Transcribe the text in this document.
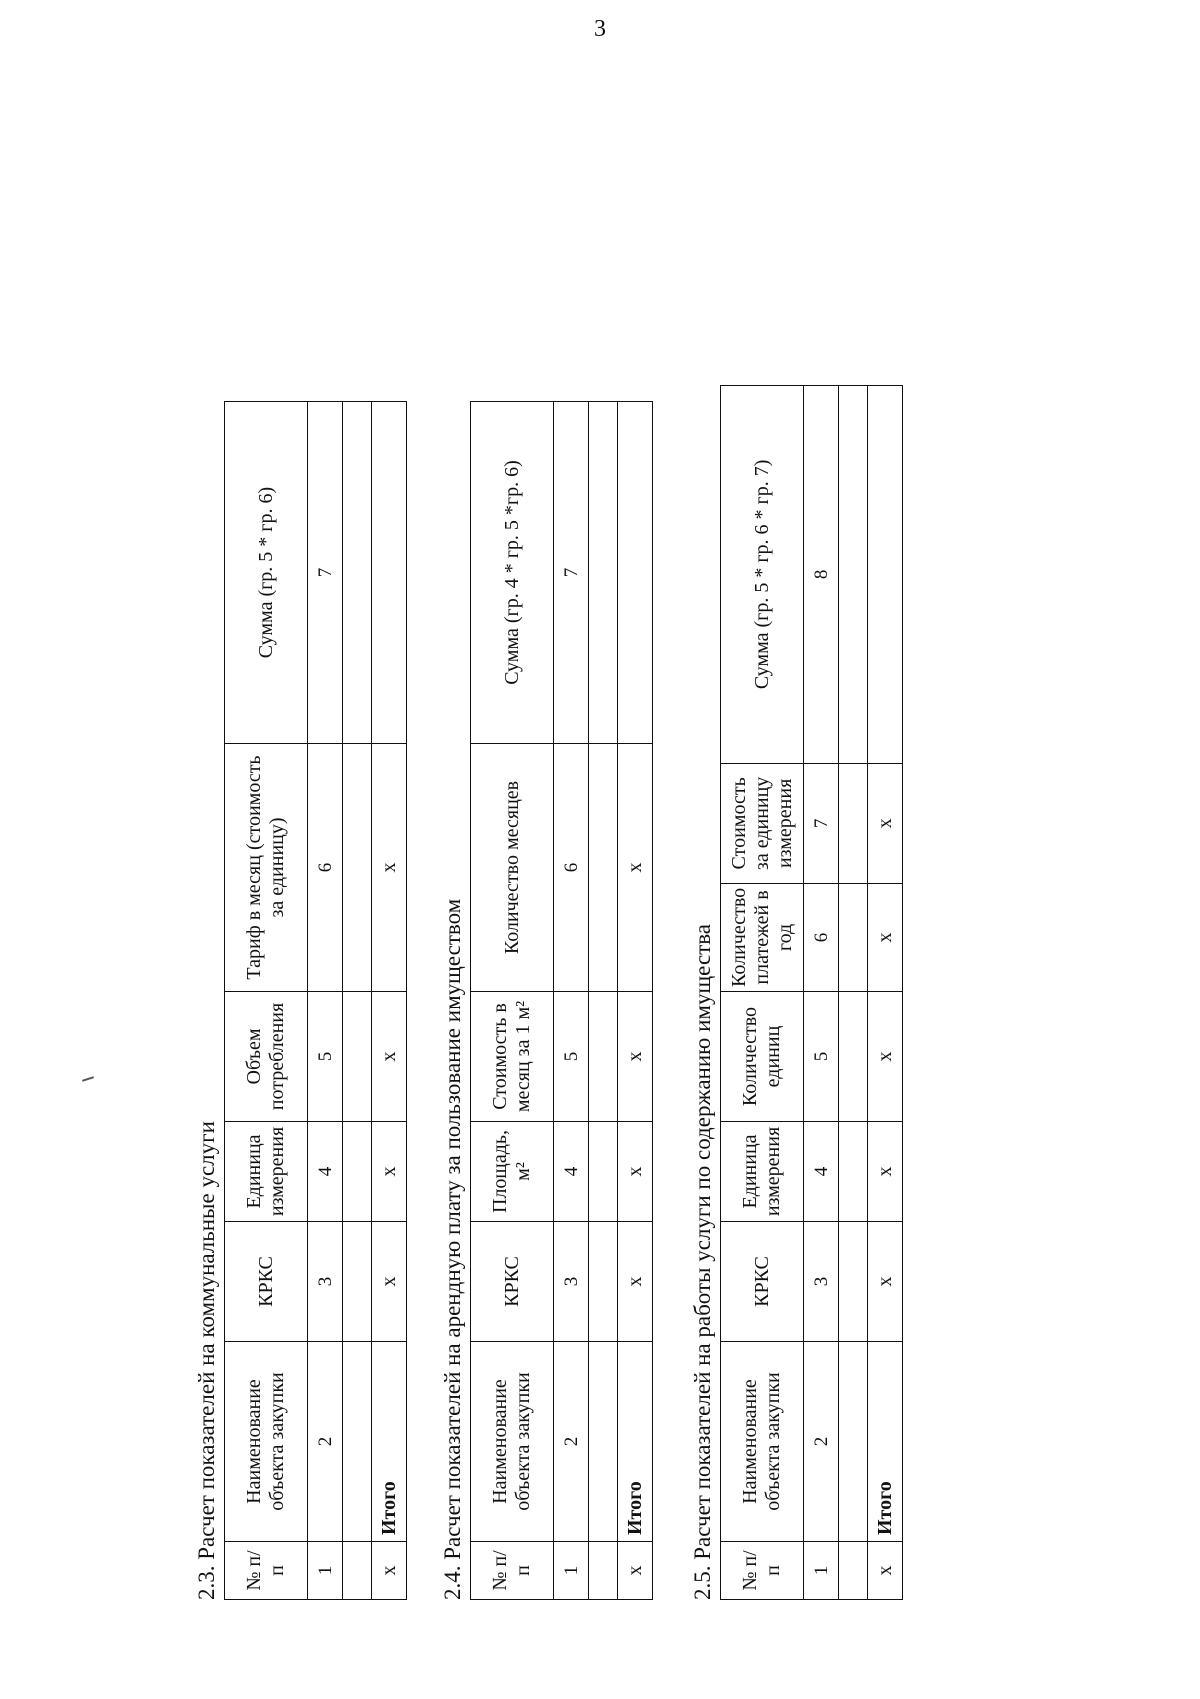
3
2.3. Расчет показателей на коммунальные услуги № п/п	Наименование объекта закупки	КРКС	Единица измерения	Объем потребления	Тариф в месяц (стоимость за единицу)	Сумма (гр. 5 * гр. 6)
1	2	3	4	5	6	7

х	Итого	х	х	х	х	
2.4. Расчет показателей на арендную плату за пользование имуществом № п/п	Наименование объекта закупки	КРКС	Площадь, м²	Стоимость в месяц за 1 м²	Количество месяцев	Сумма (гр. 4 * гр. 5 *гр. 6)
1	2	3	4	5	6	7

х	Итого	х	х	х	х	
2.5. Расчет показателей на работы услуги по содержанию имущества № п/п	Наименование объекта закупки	КРКС	Единица измерения	Количество единиц	Количество платежей в год	Стоимость за единицу измерения	Сумма (гр. 5 * гр. 6 * гр. 7)
1	2	3	4	5	6	7	8

х	Итого	х	х	х	х	х	
